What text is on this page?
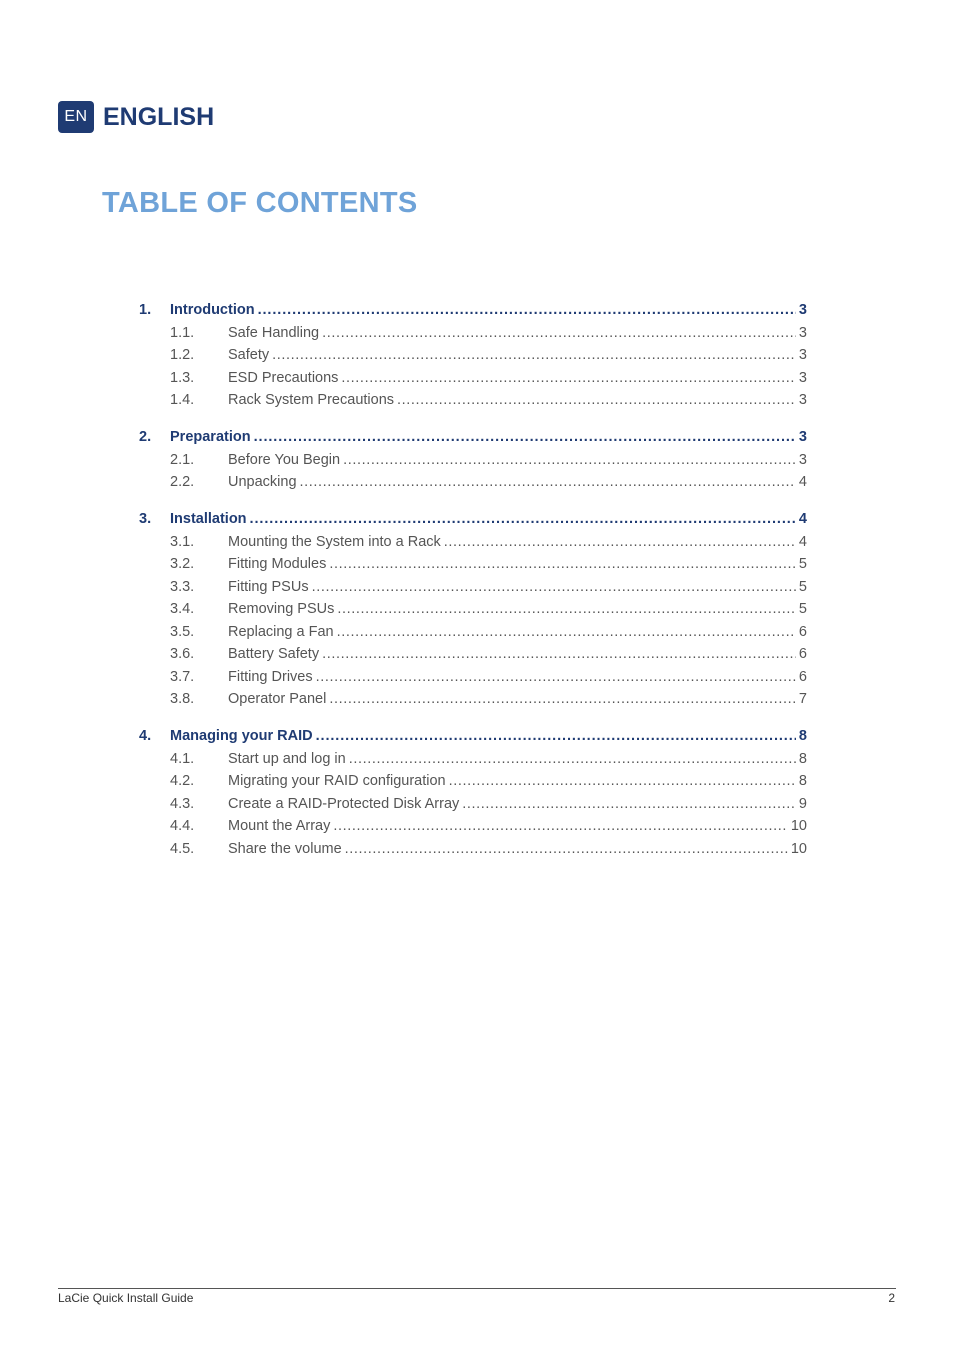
EN ENGLISH
TABLE OF CONTENTS
1.	Introduction .....	3
1.1.	Safe Handling .....	3
1.2.	Safety .....	3
1.3.	ESD Precautions .....	3
1.4.	Rack System Precautions .....	3
2.	Preparation .....	3
2.1.	Before You Begin .....	3
2.2.	Unpacking .....	4
3.	Installation .....	4
3.1.	Mounting the System into a Rack .....	4
3.2.	Fitting Modules .....	5
3.3.	Fitting PSUs .....	5
3.4.	Removing PSUs .....	5
3.5.	Replacing a Fan .....	6
3.6.	Battery Safety .....	6
3.7.	Fitting Drives .....	6
3.8.	Operator Panel .....	7
4.	Managing your RAID .....	8
4.1.	Start up and log in .....	8
4.2.	Migrating your RAID configuration .....	8
4.3.	Create a RAID-Protected Disk Array .....	9
4.4.	Mount the Array .....	10
4.5.	Share the volume .....	10
LaCie Quick Install Guide	2
